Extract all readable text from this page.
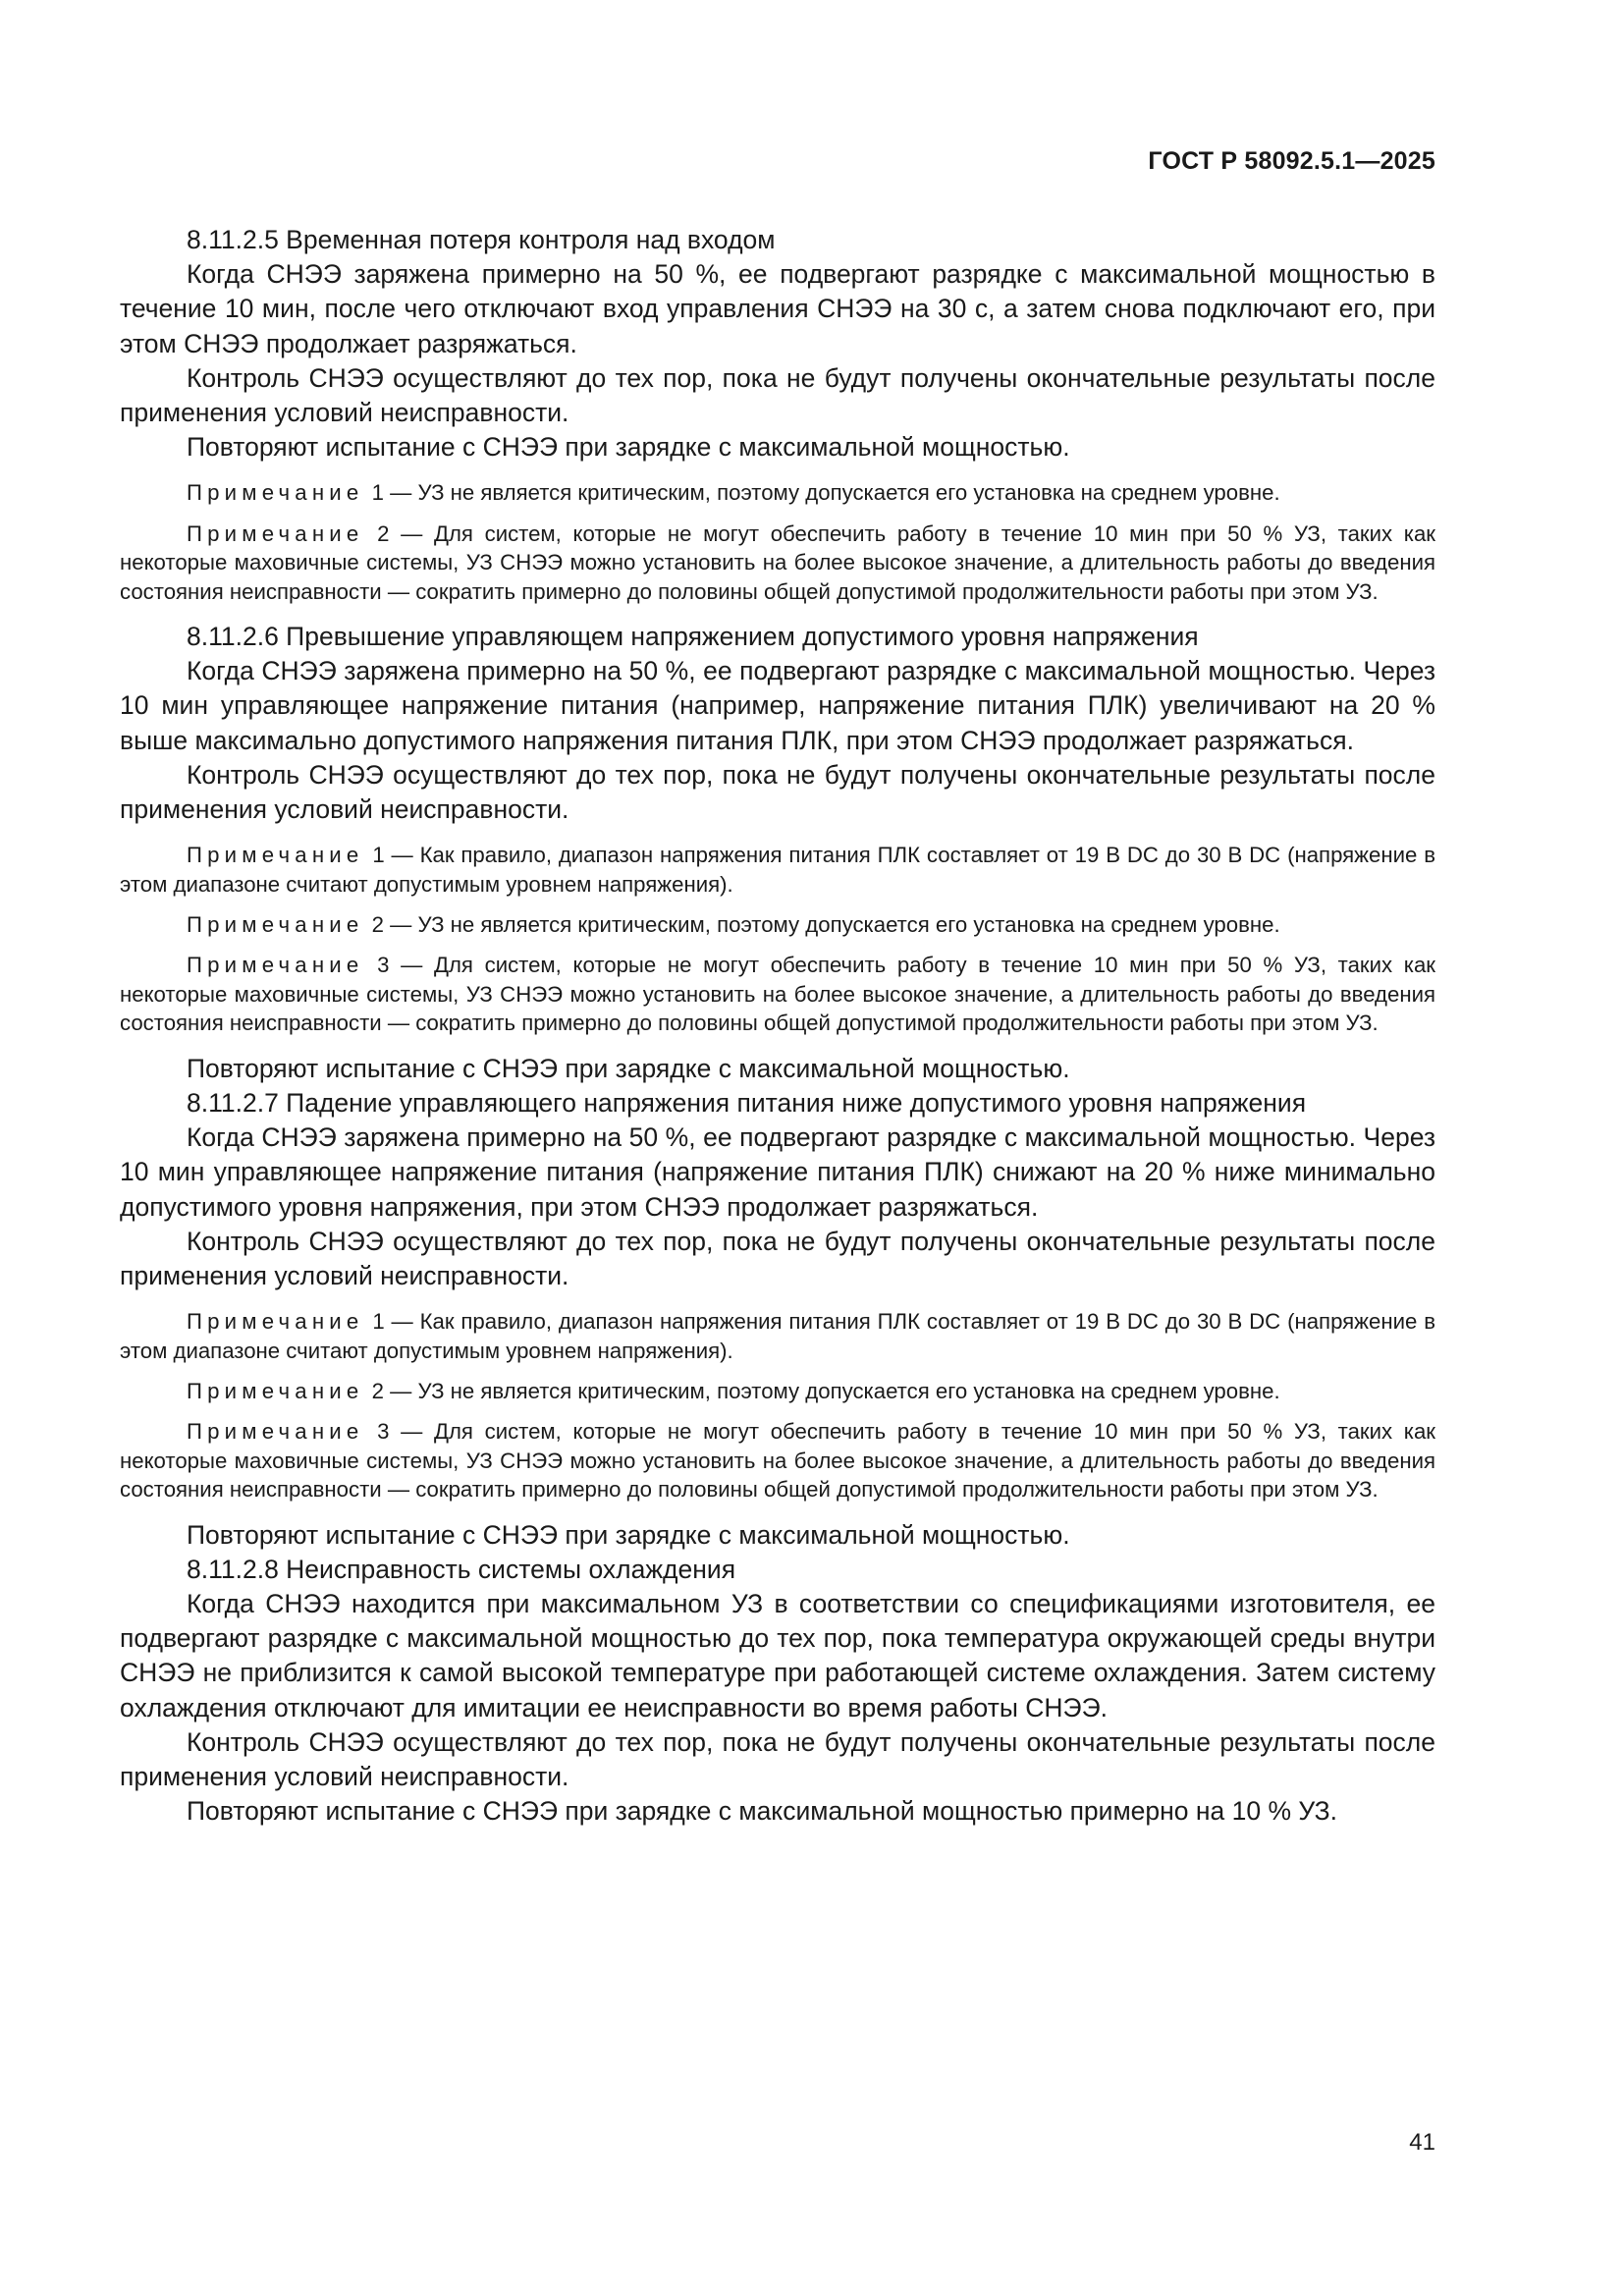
ГОСТ Р 58092.5.1—2025

8.11.2.5 Временная потеря контроля над входом

Когда СНЭЭ заряжена примерно на 50 %, ее подвергают разрядке с максимальной мощностью в течение 10 мин, после чего отключают вход управления СНЭЭ на 30 с, а затем снова подключают его, при этом СНЭЭ продолжает разряжаться.

Контроль СНЭЭ осуществляют до тех пор, пока не будут получены окончательные результаты после применения условий неисправности.

Повторяют испытание с СНЭЭ при зарядке с максимальной мощностью.

Примечание 1 — УЗ не является критическим, поэтому допускается его установка на среднем уровне.

Примечание 2 — Для систем, которые не могут обеспечить работу в течение 10 мин при 50 % УЗ, таких как некоторые маховичные системы, УЗ СНЭЭ можно установить на более высокое значение, а длительность работы до введения состояния неисправности — сократить примерно до половины общей допустимой продолжительности работы при этом УЗ.

8.11.2.6 Превышение управляющем напряжением допустимого уровня напряжения

Когда СНЭЭ заряжена примерно на 50 %, ее подвергают разрядке с максимальной мощностью. Через 10 мин управляющее напряжение питания (например, напряжение питания ПЛК) увеличивают на 20 % выше максимально допустимого напряжения питания ПЛК, при этом СНЭЭ продолжает разряжаться.

Контроль СНЭЭ осуществляют до тех пор, пока не будут получены окончательные результаты после применения условий неисправности.

Примечание 1 — Как правило, диапазон напряжения питания ПЛК составляет от 19 В DC до 30 В DC (напряжение в этом диапазоне считают допустимым уровнем напряжения).

Примечание 2 — УЗ не является критическим, поэтому допускается его установка на среднем уровне.

Примечание 3 — Для систем, которые не могут обеспечить работу в течение 10 мин при 50 % УЗ, таких как некоторые маховичные системы, УЗ СНЭЭ можно установить на более высокое значение, а длительность работы до введения состояния неисправности — сократить примерно до половины общей допустимой продолжительности работы при этом УЗ.

Повторяют испытание с СНЭЭ при зарядке с максимальной мощностью.

8.11.2.7 Падение управляющего напряжения питания ниже допустимого уровня напряжения

Когда СНЭЭ заряжена примерно на 50 %, ее подвергают разрядке с максимальной мощностью. Через 10 мин управляющее напряжение питания (напряжение питания ПЛК) снижают на 20 % ниже минимально допустимого уровня напряжения, при этом СНЭЭ продолжает разряжаться.

Контроль СНЭЭ осуществляют до тех пор, пока не будут получены окончательные результаты после применения условий неисправности.

Примечание 1 — Как правило, диапазон напряжения питания ПЛК составляет от 19 В DC до 30 В DC (напряжение в этом диапазоне считают допустимым уровнем напряжения).

Примечание 2 — УЗ не является критическим, поэтому допускается его установка на среднем уровне.

Примечание 3 — Для систем, которые не могут обеспечить работу в течение 10 мин при 50 % УЗ, таких как некоторые маховичные системы, УЗ СНЭЭ можно установить на более высокое значение, а длительность работы до введения состояния неисправности — сократить примерно до половины общей допустимой продолжительности работы при этом УЗ.

Повторяют испытание с СНЭЭ при зарядке с максимальной мощностью.

8.11.2.8 Неисправность системы охлаждения

Когда СНЭЭ находится при максимальном УЗ в соответствии со спецификациями изготовителя, ее подвергают разрядке с максимальной мощностью до тех пор, пока температура окружающей среды внутри СНЭЭ не приблизится к самой высокой температуре при работающей системе охлаждения. Затем систему охлаждения отключают для имитации ее неисправности во время работы СНЭЭ.

Контроль СНЭЭ осуществляют до тех пор, пока не будут получены окончательные результаты после применения условий неисправности.

Повторяют испытание с СНЭЭ при зарядке с максимальной мощностью примерно на 10 % УЗ.

41
